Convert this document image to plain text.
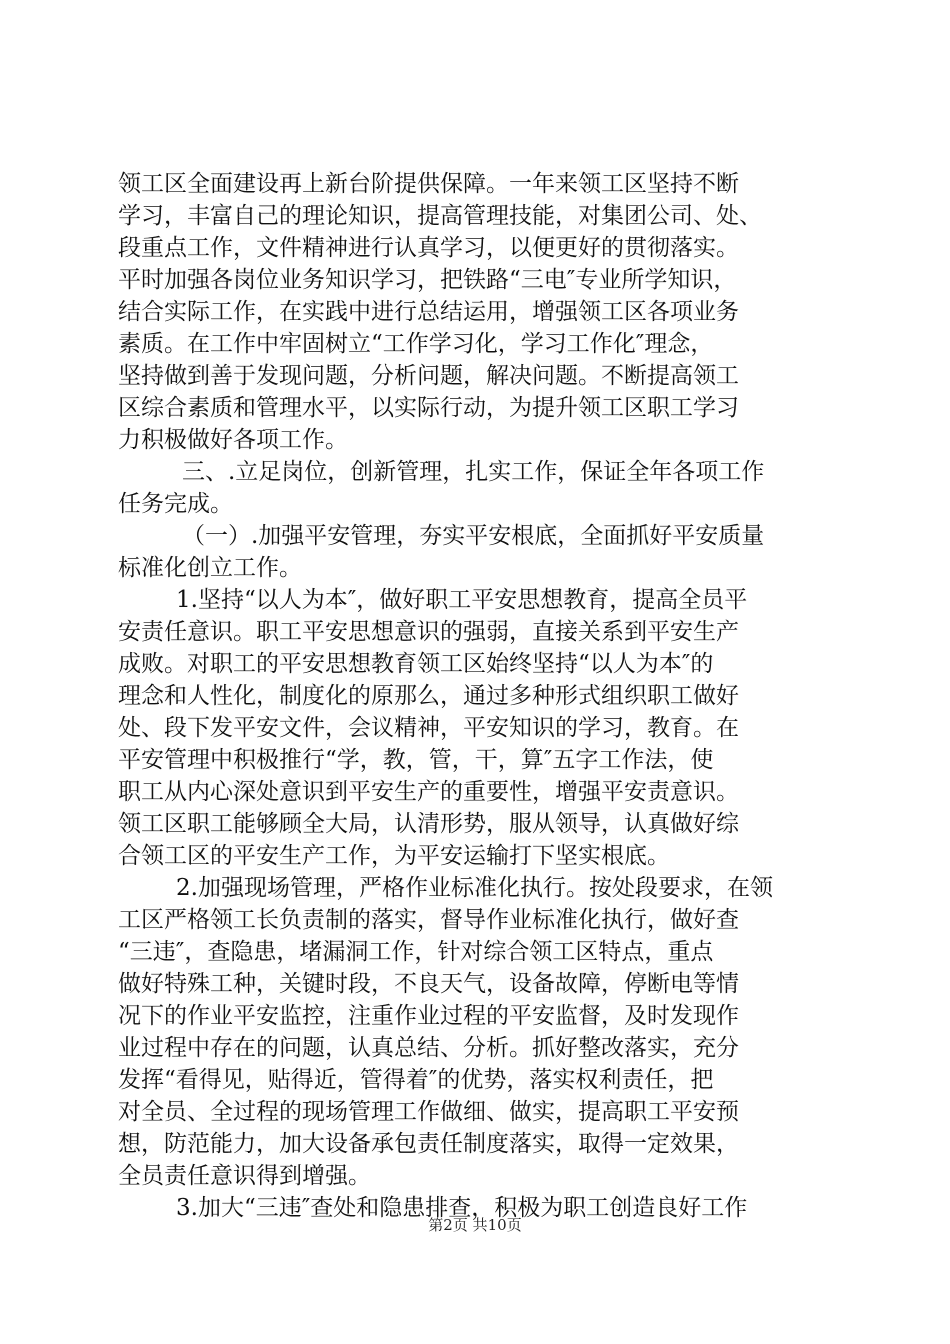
领工区全面建设再上新台阶提供保障。一年来领工区坚持不断
学习，丰富自己的理论知识，提高管理技能，对集团公司、处、
段重点工作，文件精神进行认真学习，以便更好的贯彻落实。
平时加强各岗位业务知识学习，把铁路“三电″专业所学知识，
结合实际工作，在实践中进行总结运用，增强领工区各项业务
素质。在工作中牢固树立“工作学习化，学习工作化″理念，
坚持做到善于发现问题，分析问题，解决问题。不断提高领工
区综合素质和管理水平，以实际行动，为提升领工区职工学习
力积极做好各项工作。
三、.立足岗位，创新管理，扎实工作，保证全年各项工作
任务完成。
（一）.加强平安管理，夯实平安根底，全面抓好平安质量
标准化创立工作。
1.坚持“以人为本″，做好职工平安思想教育，提高全员平
安责任意识。职工平安思想意识的强弱，直接关系到平安生产
成败。对职工的平安思想教育领工区始终坚持“以人为本″的
理念和人性化，制度化的原那么，通过多种形式组织职工做好
处、段下发平安文件，会议精神，平安知识的学习，教育。在
平安管理中积极推行“学，教，管，干，算″五字工作法，使
职工从内心深处意识到平安生产的重要性，增强平安责意识。
领工区职工能够顾全大局，认清形势，服从领导，认真做好综
合领工区的平安生产工作，为平安运输打下坚实根底。
2.加强现场管理，严格作业标准化执行。按处段要求，在领
工区严格领工长负责制的落实，督导作业标准化执行，做好查
“三违″，查隐患，堵漏洞工作，针对综合领工区特点，重点
做好特殊工种，关键时段，不良天气，设备故障，停断电等情
况下的作业平安监控，注重作业过程的平安监督，及时发现作
业过程中存在的问题，认真总结、分析。抓好整改落实，充分
发挥“看得见，贴得近，管得着″的优势，落实权利责任，把
对全员、全过程的现场管理工作做细、做实，提高职工平安预
想，防范能力，加大设备承包责任制度落实，取得一定效果，
全员责任意识得到增强。
3.加大“三违″查处和隐患排查，积极为职工创造良好工作
第2页 共10页
